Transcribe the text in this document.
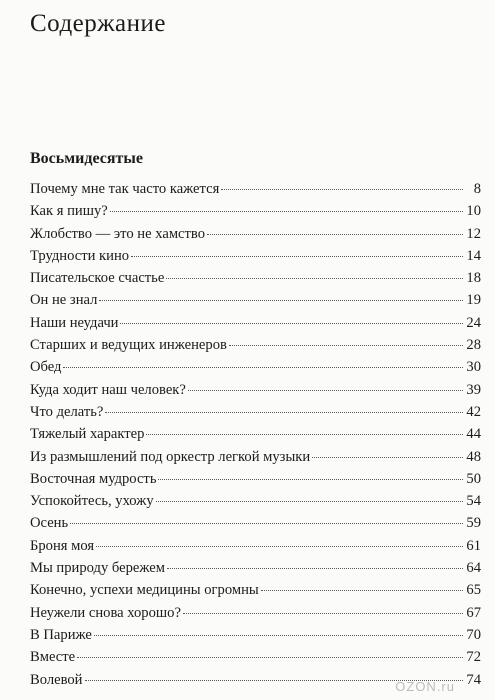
Содержание
Восьмидесятые
Почему мне так часто кажется	8
Как я пишу?	10
Жлобство — это не хамство	12
Трудности кино	14
Писательское счастье	18
Он не знал	19
Наши неудачи	24
Старших и ведущих инженеров	28
Обед	30
Куда ходит наш человек?	39
Что делать?	42
Тяжелый характер	44
Из размышлений под оркестр легкой музыки	48
Восточная мудрость	50
Успокойтесь, ухожу	54
Осень	59
Броня моя	61
Мы природу бережем	64
Конечно, успехи медицины огромны	65
Неужели снова хорошо?	67
В Париже	70
Вместе	72
Волевой	74
OZON.ru
